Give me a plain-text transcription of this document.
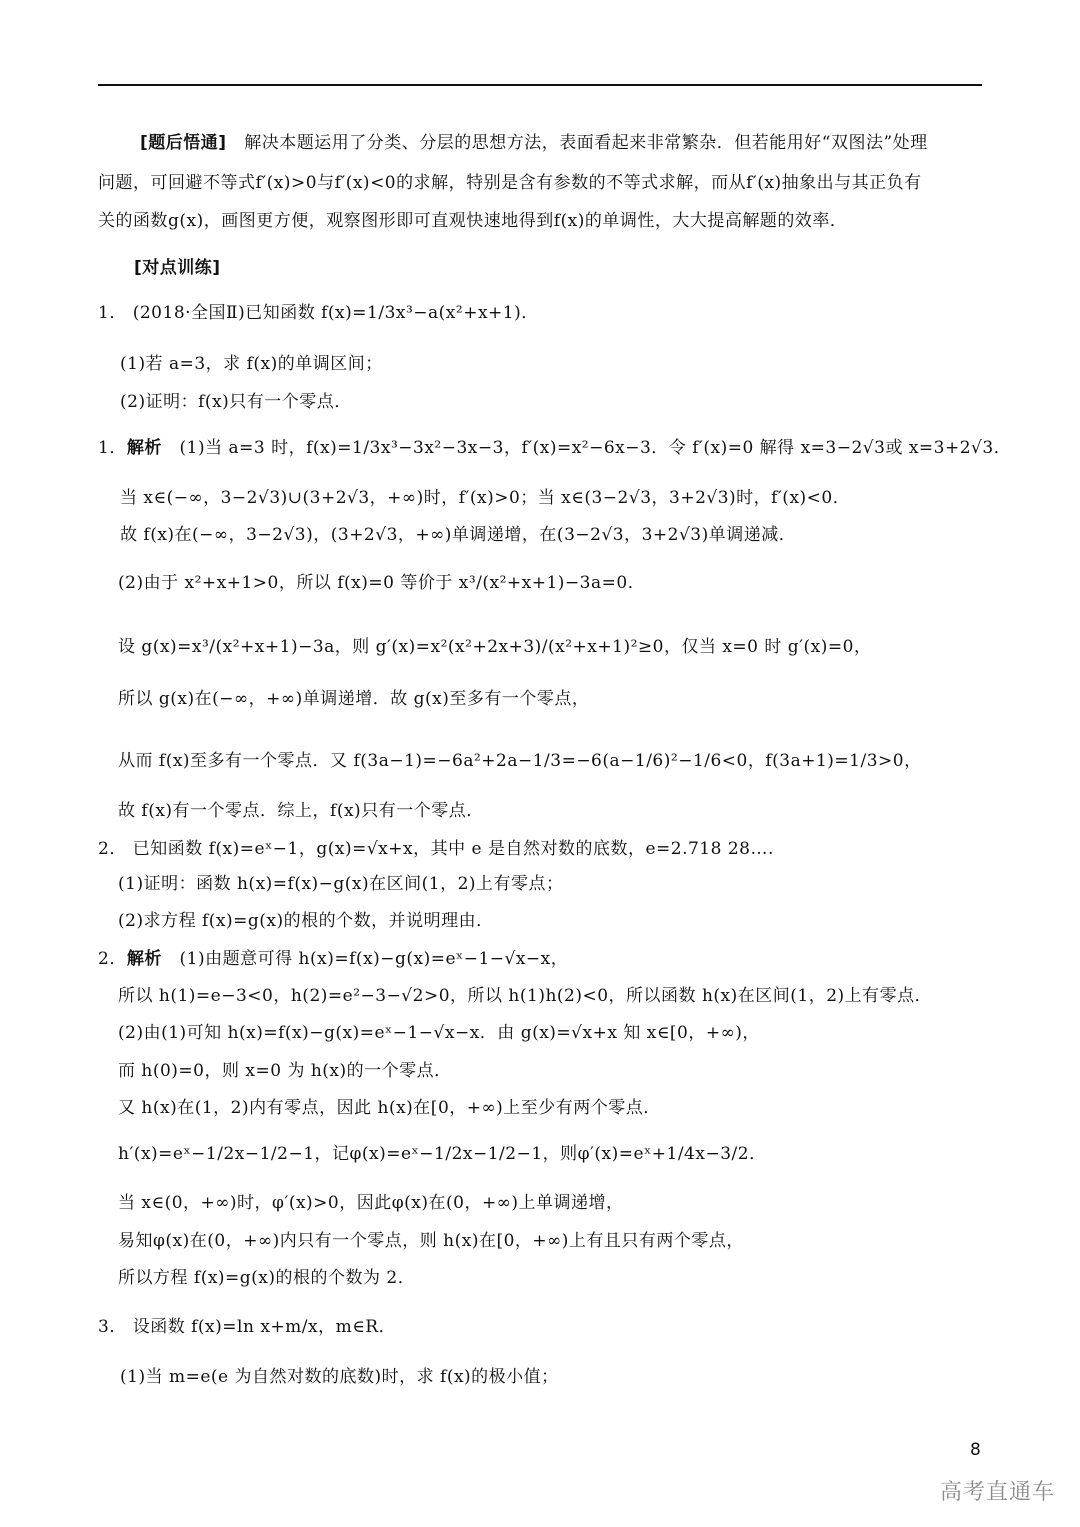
[题后悟通] 解决本题运用了分类、分层的思想方法，表面看起来非常繁杂．但若能用好“双图法”处理
问题，可回避不等式f′(x)>0与f′(x)<0的求解，特别是含有参数的不等式求解，而从f′(x)抽象出与其正负有
关的函数g(x)，画图更方便，观察图形即可直观快速地得到f(x)的单调性，大大提高解题的效率．
[对点训练]
1． (2018·全国Ⅱ)已知函数 f(x)=1/3x³−a(x²+x+1)．
(1)若 a=3，求 f(x)的单调区间；
(2)证明：f(x)只有一个零点．
1．解析 (1)当 a=3 时，f(x)=1/3x³−3x²−3x−3，f′(x)=x²−6x−3．令 f′(x)=0 解得 x=3−2√3或 x=3+2√3．
当 x∈(−∞，3−2√3)∪(3+2√3，+∞)时，f′(x)>0；当 x∈(3−2√3，3+2√3)时，f′(x)<0．
故 f(x)在(−∞，3−2√3)，(3+2√3，+∞)单调递增，在(3−2√3，3+2√3)单调递减．
(2)由于 x²+x+1>0，所以 f(x)=0 等价于 x³/(x²+x+1)−3a=0．
设 g(x)=x³/(x²+x+1)−3a，则 g′(x)=x²(x²+2x+3)/(x²+x+1)²≥0，仅当 x=0 时 g′(x)=0，
所以 g(x)在(−∞，+∞)单调递增．故 g(x)至多有一个零点，
从而 f(x)至多有一个零点．又 f(3a−1)=−6a²+2a−1/3=−6(a−1/6)²−1/6<0，f(3a+1)=1/3>0，
故 f(x)有一个零点．综上，f(x)只有一个零点．
2． 已知函数 f(x)=eˣ−1，g(x)=√x+x，其中 e 是自然对数的底数，e=2.718 28….
(1)证明：函数 h(x)=f(x)−g(x)在区间(1，2)上有零点；
(2)求方程 f(x)=g(x)的根的个数，并说明理由．
2．解析 (1)由题意可得 h(x)=f(x)−g(x)=eˣ−1−√x−x，
所以 h(1)=e−3<0，h(2)=e²−3−√2>0，所以 h(1)h(2)<0，所以函数 h(x)在区间(1，2)上有零点．
(2)由(1)可知 h(x)=f(x)−g(x)=eˣ−1−√x−x．由 g(x)=√x+x 知 x∈[0，+∞)，
而 h(0)=0，则 x=0 为 h(x)的一个零点．
又 h(x)在(1，2)内有零点，因此 h(x)在[0，+∞)上至少有两个零点．
h′(x)=eˣ−1/2x−1/2−1，记φ(x)=eˣ−1/2x−1/2−1，则φ′(x)=eˣ+1/4x−3/2．
当 x∈(0，+∞)时，φ′(x)>0，因此φ(x)在(0，+∞)上单调递增，
易知φ(x)在(0，+∞)内只有一个零点，则 h(x)在[0，+∞)上有且只有两个零点，
所以方程 f(x)=g(x)的根的个数为 2．
3． 设函数 f(x)=ln x+m/x，m∈R．
(1)当 m=e(e 为自然对数的底数)时，求 f(x)的极小值；
8
高考直通车
